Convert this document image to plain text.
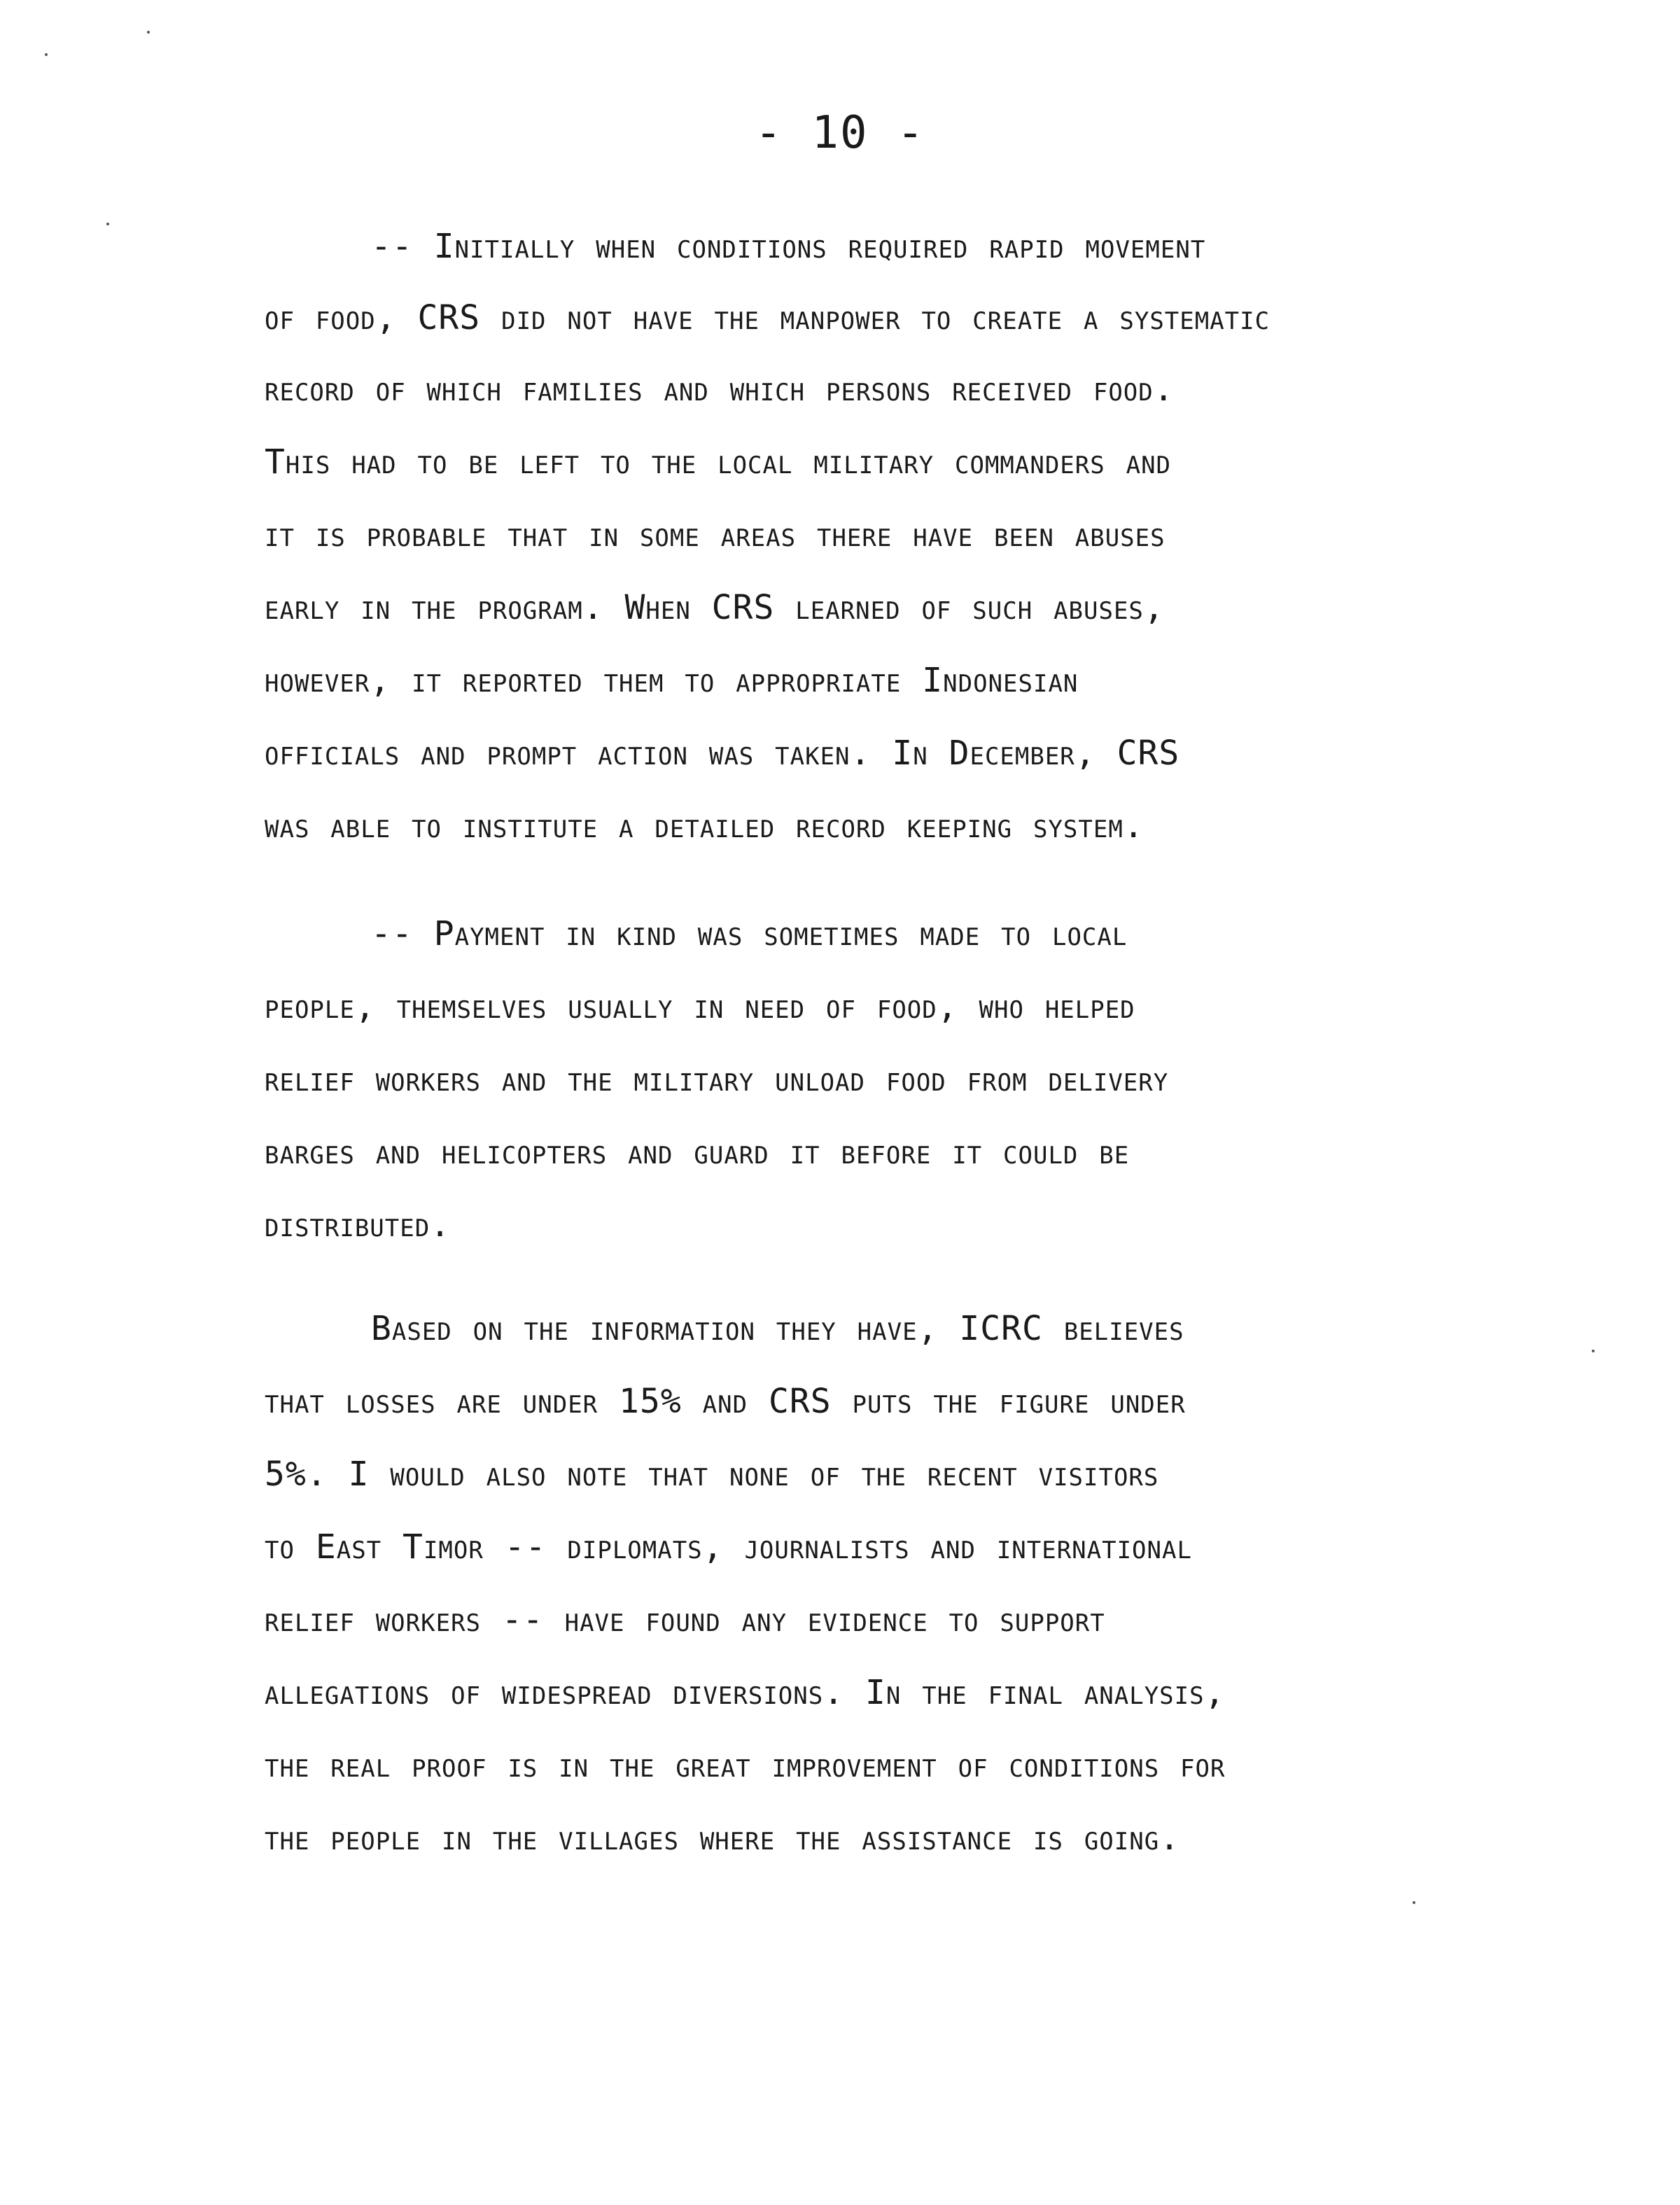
- 10 -
-- Initially when conditions required rapid movement
of food, CRS did not have the manpower to create a systematic
record of which families and which persons received food.
This had to be left to the local military commanders and
it is probable that in some areas there have been abuses
early in the program. When CRS learned of such abuses,
however, it reported them to appropriate Indonesian
officials and prompt action was taken. In December, CRS
was able to institute a detailed record keeping system.
-- Payment in kind was sometimes made to local
people, themselves usually in need of food, who helped
relief workers and the military unload food from delivery
barges and helicopters and guard it before it could be
distributed.
Based on the information they have, ICRC believes
that losses are under 15% and CRS puts the figure under
5%. I would also note that none of the recent visitors
to East Timor -- diplomats, journalists and international
relief workers -- have found any evidence to support
allegations of widespread diversions. In the final analysis,
the real proof is in the great improvement of conditions for
the people in the villages where the assistance is going.
